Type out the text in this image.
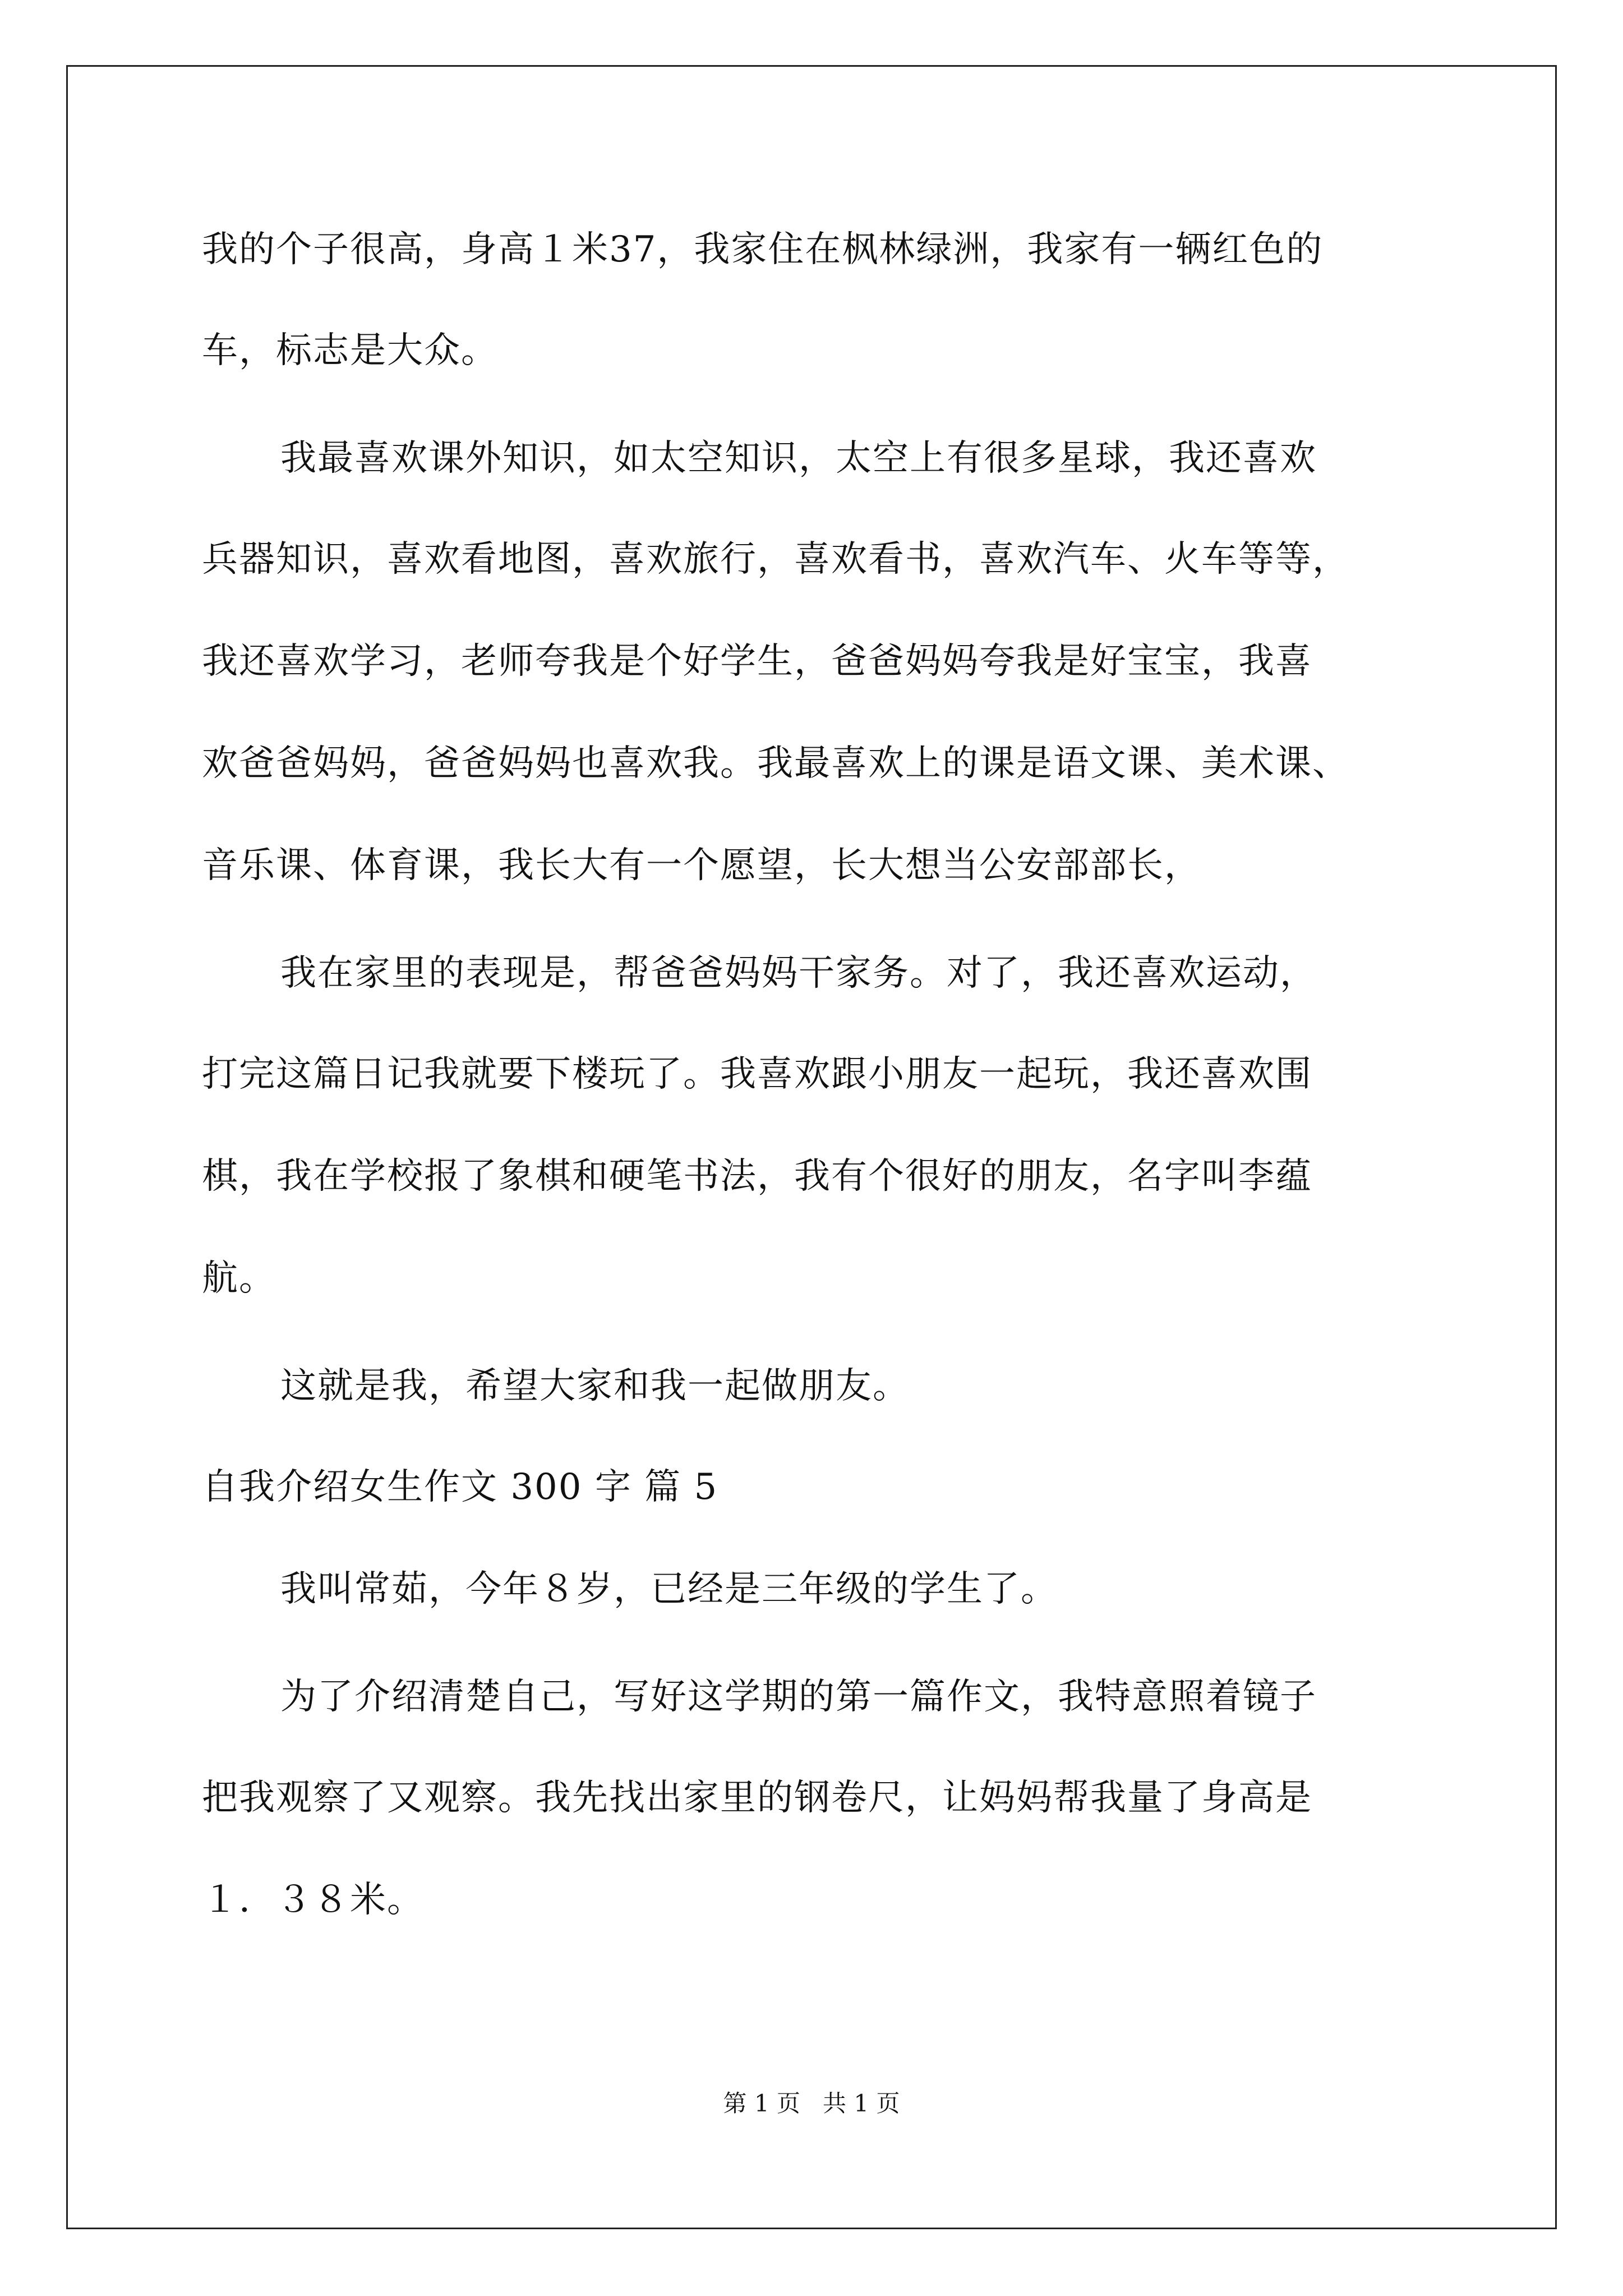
我的个子很高，身高１米37，我家住在枫林绿洲，我家有一辆红色的
车，标志是大众。
我最喜欢课外知识，如太空知识，太空上有很多星球，我还喜欢
兵器知识，喜欢看地图，喜欢旅行，喜欢看书，喜欢汽车、火车等等，
我还喜欢学习，老师夸我是个好学生，爸爸妈妈夸我是好宝宝，我喜
欢爸爸妈妈，爸爸妈妈也喜欢我。我最喜欢上的课是语文课、美术课、
音乐课、体育课，我长大有一个愿望，长大想当公安部部长，
我在家里的表现是，帮爸爸妈妈干家务。对了，我还喜欢运动，
打完这篇日记我就要下楼玩了。我喜欢跟小朋友一起玩，我还喜欢围
棋，我在学校报了象棋和硬笔书法，我有个很好的朋友，名字叫李蕴
航。
这就是我，希望大家和我一起做朋友。
自我介绍女生作文 300 字 篇 5
我叫常茹，今年８岁，已经是三年级的学生了。
为了介绍清楚自己，写好这学期的第一篇作文，我特意照着镜子
把我观察了又观察。我先找出家里的钢卷尺，让妈妈帮我量了身高是
１．３８米。
第 1 页   共 1 页
